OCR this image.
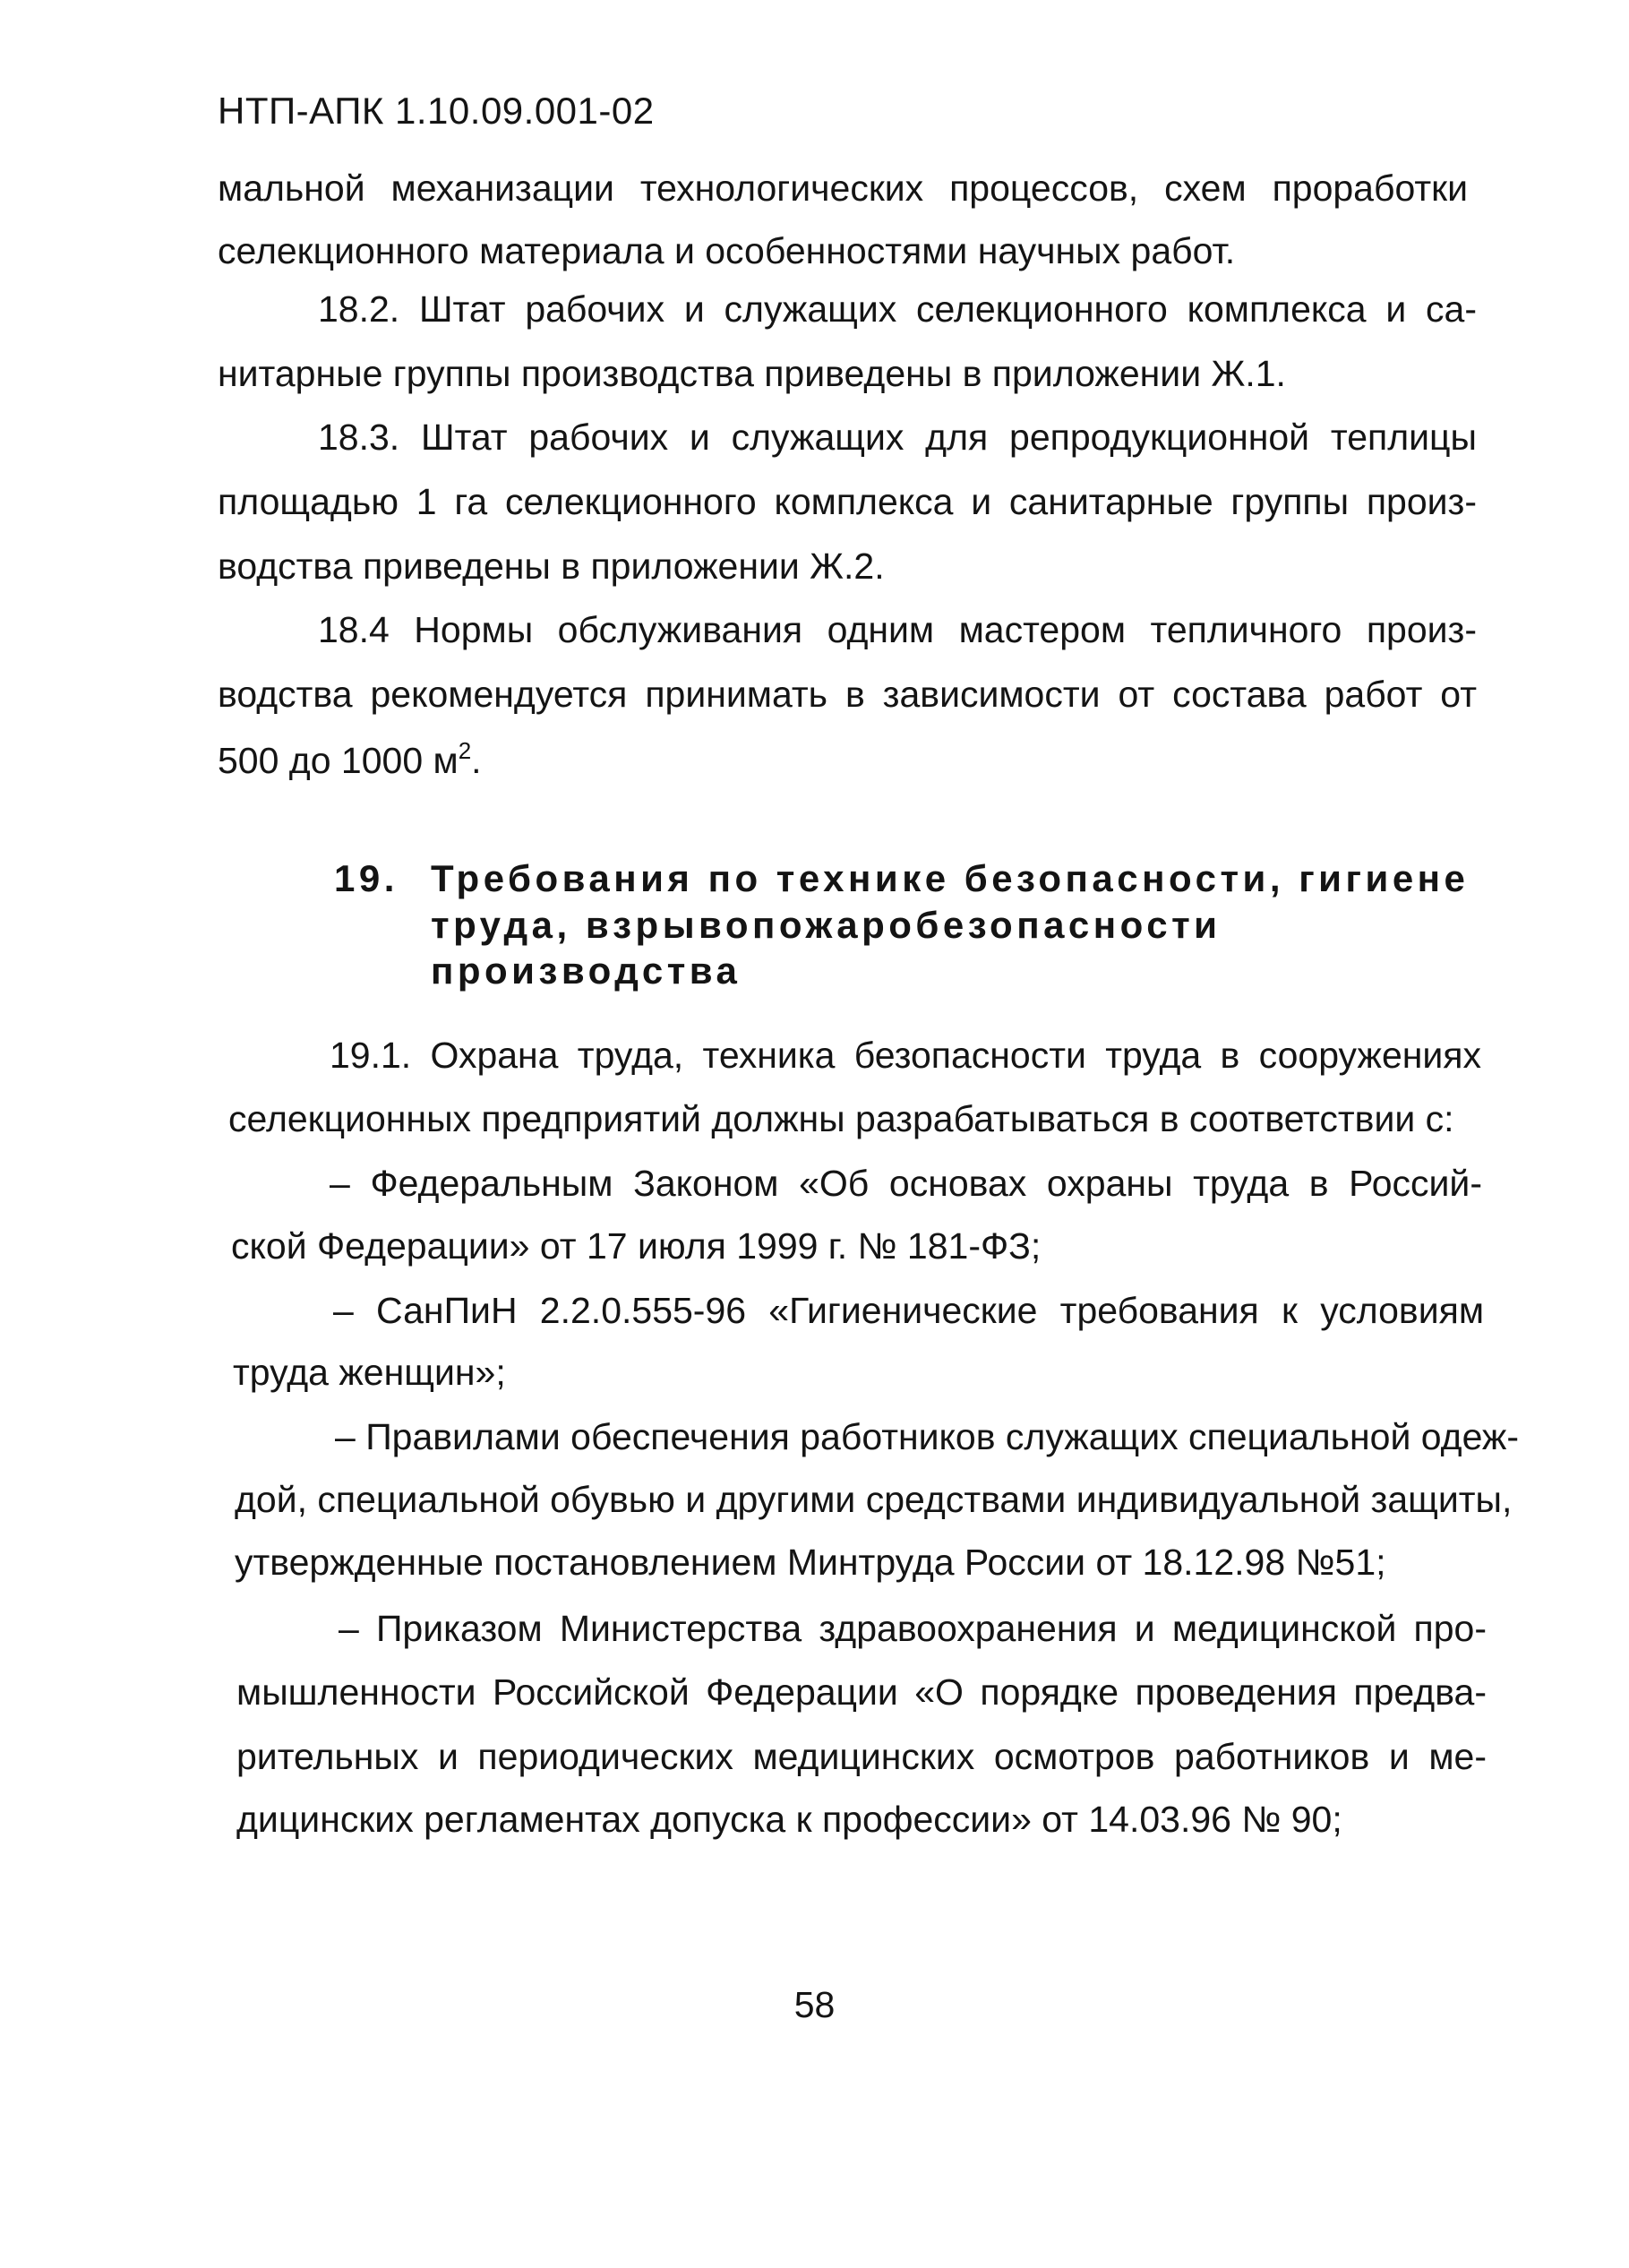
НТП-АПК 1.10.09.001-02
мальной механизации технологических процессов, схем проработки
селекционного материала и особенностями научных работ.
18.2. Штат рабочих и служащих селекционного комплекса и са-
нитарные группы производства приведены в приложении Ж.1.
18.3. Штат рабочих и служащих для репродукционной теплицы
площадью 1 га селекционного комплекса и санитарные группы произ-
водства приведены в приложении Ж.2.
18.4 Нормы обслуживания одним мастером тепличного произ-
водства рекомендуется принимать в зависимости от состава работ от
500 до 1000 $м^2$.
19. Требования по технике безопасности, гигиене
труда, взрывопожаробезопасности
производства
19.1. Охрана труда, техника безопасности труда в сооружениях
селекционных предприятий должны разрабатываться в соответствии с:
– Федеральным Законом «Об основах охраны труда в Россий-
ской Федерации» от 17 июля 1999 г. № 181-ФЗ;
– СанПиН 2.2.0.555-96 «Гигиенические требования к условиям
труда женщин»;
– Правилами обеспечения работников служащих специальной одеж-
дой, специальной обувью и другими средствами индивидуальной защиты,
утвержденные постановлением Минтруда России от 18.12.98 №51;
– Приказом Министерства здравоохранения и медицинской про-
мышленности Российской Федерации «О порядке проведения предва-
рительных и периодических медицинских осмотров работников и ме-
дицинских регламентах допуска к профессии» от 14.03.96 № 90;
58
